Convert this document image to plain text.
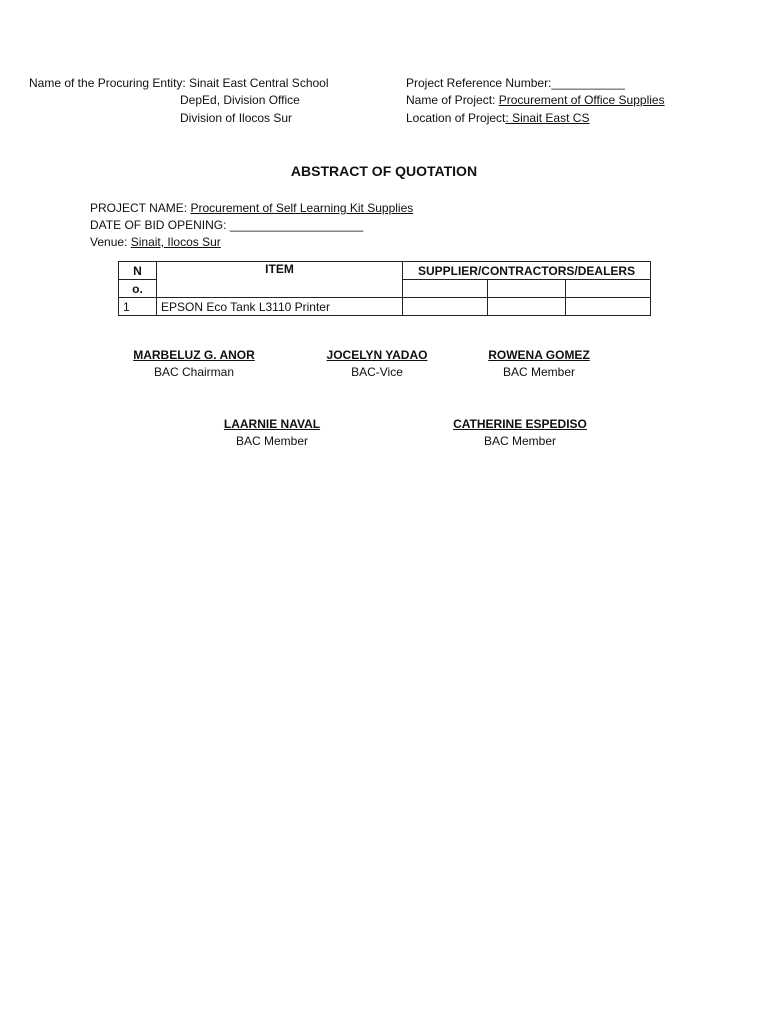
Name of the Procuring Entity: Sinait East Central School
DepEd, Division Office
Division of Ilocos Sur
Project Reference Number:___________
Name of Project: Procurement of Office Supplies
Location of Project: Sinait East CS
ABSTRACT OF QUOTATION
PROJECT NAME: Procurement of Self Learning Kit Supplies
DATE OF BID OPENING: ____________________
Venue: Sinait, Ilocos Sur
N	ITEM	SUPPLIER/CONTRACTORS/DEALERS		
o.				
1	EPSON Eco Tank L3110 Printer			
MARBELUZ G. ANOR
BAC Chairman
JOCELYN YADAO
BAC-Vice
ROWENA GOMEZ
BAC Member
LAARNIE NAVAL
BAC Member
CATHERINE ESPEDISO
BAC Member
